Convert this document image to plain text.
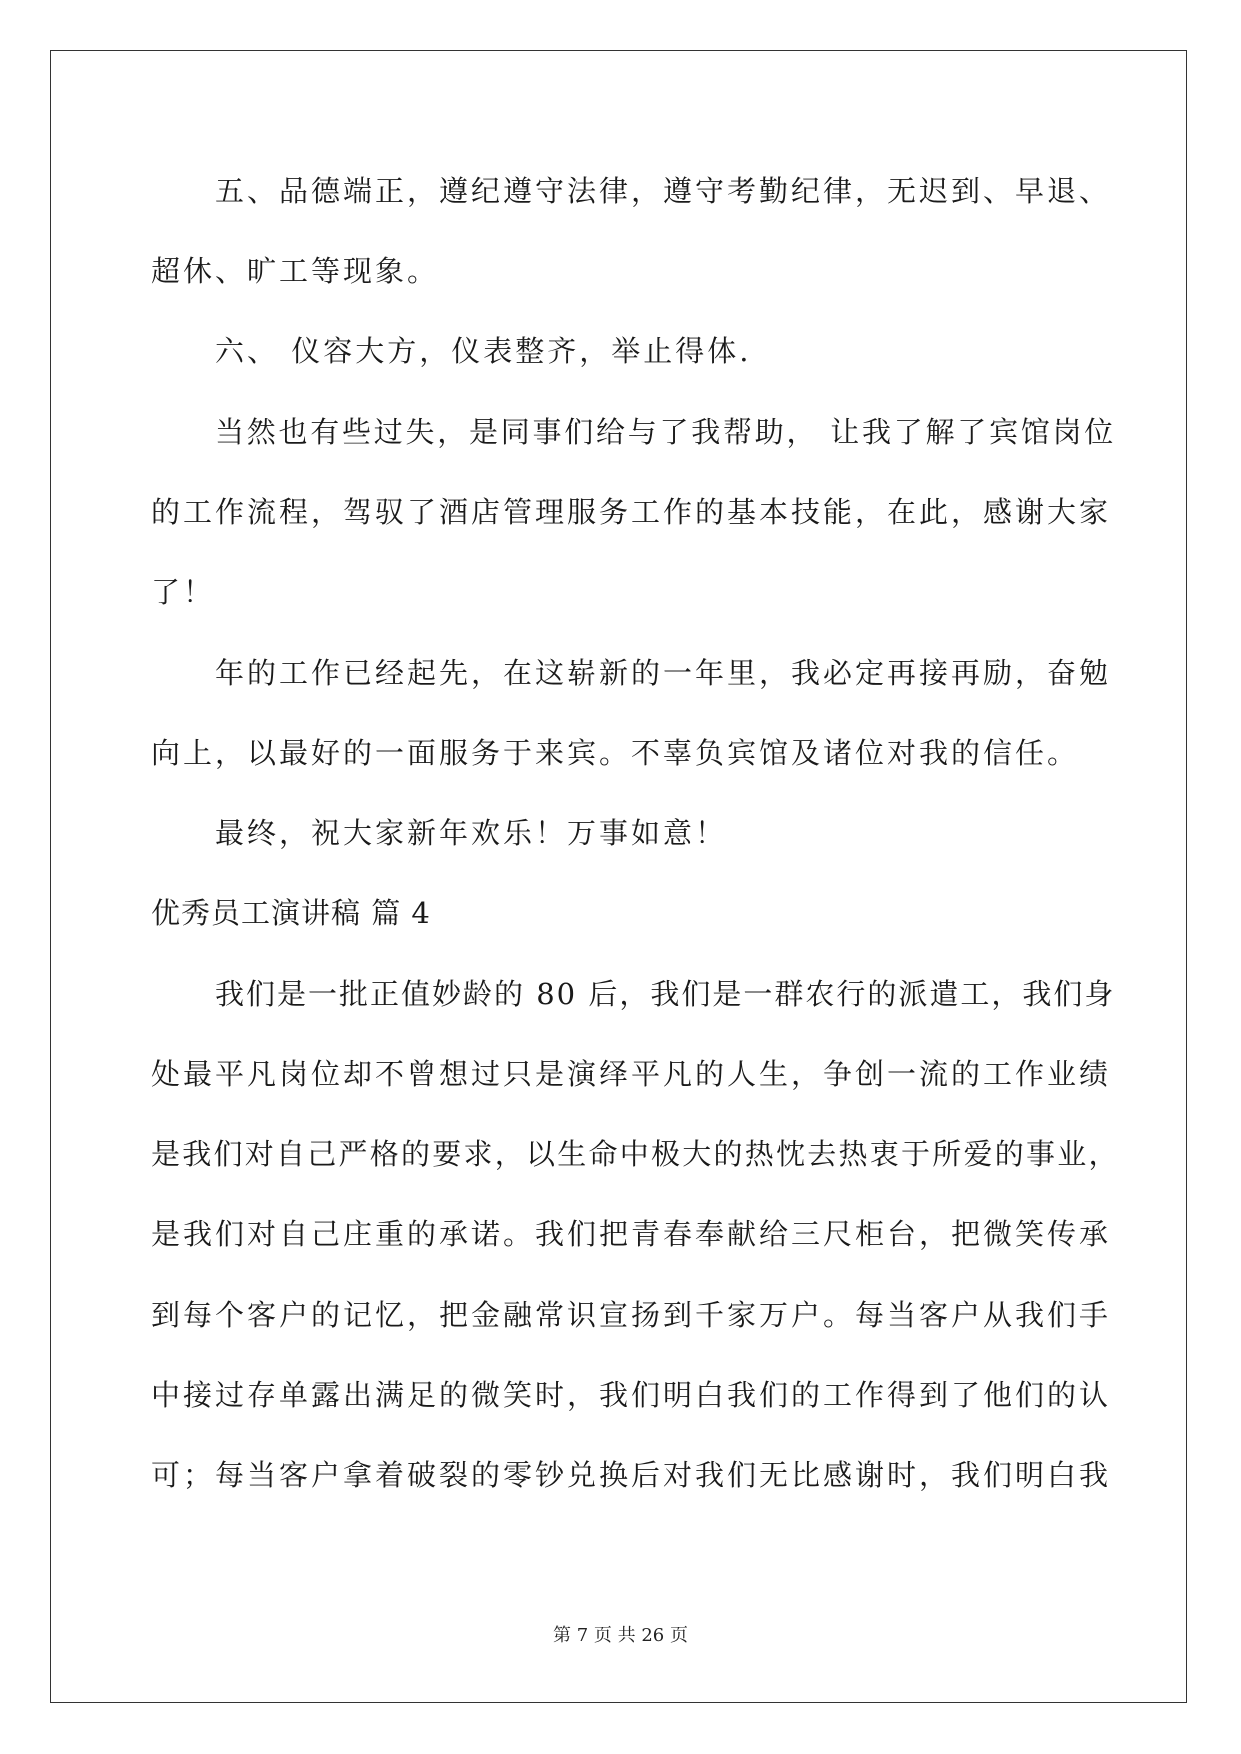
五、品德端正，遵纪遵守法律，遵守考勤纪律，无迟到、早退、
超休、旷工等现象。
六、 仪容大方，仪表整齐，举止得体.
当然也有些过失，是同事们给与了我帮助， 让我了解了宾馆岗位
的工作流程，驾驭了酒店管理服务工作的基本技能，在此，感谢大家
了！
年的工作已经起先，在这崭新的一年里，我必定再接再励，奋勉
向上，以最好的一面服务于来宾。不辜负宾馆及诸位对我的信任。
最终，祝大家新年欢乐！万事如意！
优秀员工演讲稿 篇 4
我们是一批正值妙龄的 80 后，我们是一群农行的派遣工，我们身
处最平凡岗位却不曾想过只是演绎平凡的人生，争创一流的工作业绩
是我们对自己严格的要求，以生命中极大的热忱去热衷于所爱的事业，
是我们对自己庄重的承诺。我们把青春奉献给三尺柜台，把微笑传承
到每个客户的记忆，把金融常识宣扬到千家万户。每当客户从我们手
中接过存单露出满足的微笑时，我们明白我们的工作得到了他们的认
可；每当客户拿着破裂的零钞兑换后对我们无比感谢时，我们明白我
第 7 页 共 26 页
